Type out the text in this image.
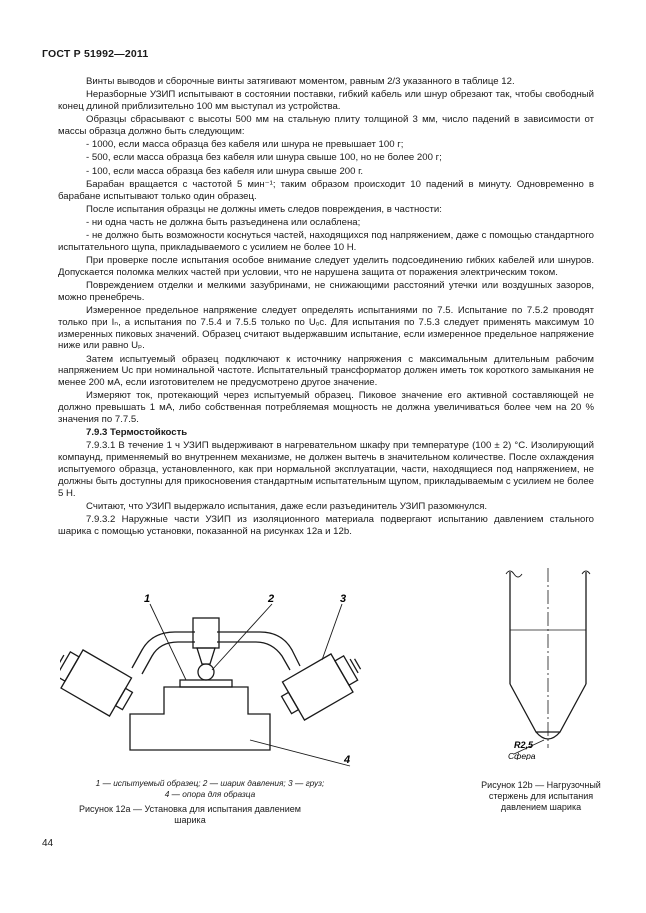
ГОСТ Р 51992—2011

Винты выводов и сборочные винты затягивают моментом, равным 2/3 указанного в таблице 12.

Неразборные УЗИП испытывают в состоянии поставки, гибкий кабель или шнур обрезают так, чтобы свободный конец длиной приблизительно 100 мм выступал из устройства.

Образцы сбрасывают с высоты 500 мм на стальную плиту толщиной 3 мм, число падений в зависимости от массы образца должно быть следующим:

- 1000, если масса образца без кабеля или шнура не превышает 100 г;

- 500, если масса образца без кабеля или шнура свыше 100, но не более 200 г;

- 100, если масса образца без кабеля или шнура свыше 200 г.

Барабан вращается с частотой 5 мин⁻¹; таким образом происходит 10 падений в минуту. Одновременно в барабане испытывают только один образец.

После испытания образцы не должны иметь следов повреждения, в частности:

- ни одна часть не должна быть разъединена или ослаблена;

- не должно быть возможности коснуться частей, находящихся под напряжением, даже с помощью стандартного испытательного щупа, прикладываемого с усилием не более 10 Н.

При проверке после испытания особое внимание следует уделить подсоединению гибких кабелей или шнуров. Допускается поломка мелких частей при условии, что не нарушена защита от поражения электрическим током.

Повреждением отделки и мелкими зазубринами, не снижающими расстояний утечки или воздушных зазоров, можно пренебречь.

Измеренное предельное напряжение следует определять испытаниями по 7.5. Испытание по 7.5.2 проводят только при Iₙ, а испытания по 7.5.4 и 7.5.5 только по Uₒc. Для испытания по 7.5.3 следует применять максимум 10 измеренных пиковых значений. Образец считают выдержавшим испытание, если измеренное предельное напряжение ниже или равно Uₚ.

Затем испытуемый образец подключают к источнику напряжения с максимальным длительным рабочим напряжением Uc при номинальной частоте. Испытательный трансформатор должен иметь ток короткого замыкания не менее 200 мА, если изготовителем не предусмотрено другое значение.

Измеряют ток, протекающий через испытуемый образец. Пиковое значение его активной составляющей не должно превышать 1 мА, либо собственная потребляемая мощность не должна увеличиваться более чем на 20 % значения по 7.7.5.

7.9.3 Термостойкость

7.9.3.1 В течение 1 ч УЗИП выдерживают в нагревательном шкафу при температуре (100 ± 2) °С. Изолирующий компаунд, применяемый во внутреннем механизме, не должен вытечь в значительном количестве. После охлаждения испытуемого образца, установленного, как при нормальной эксплуатации, части, находящиеся под напряжением, не должны быть доступны для прикосновения стандартным испытательным щупом, прикладываемым с усилием не более 5 Н.

Считают, что УЗИП выдержало испытания, даже если разъединитель УЗИП разомкнулся.

7.9.3.2 Наружные части УЗИП из изоляционного материала подвергают испытанию давлением стального шарика с помощью установки, показанной на рисунках 12а и 12b.

1	2	3
4
1 — испытуемый образец; 2 — шарик давления; 3 — груз;
4 — опора для образца
Рисунок 12а — Установка для испытания давлением шарика
R2,5
Сфера
Рисунок 12b — Нагрузочный стержень для испытания давлением шарика
44
